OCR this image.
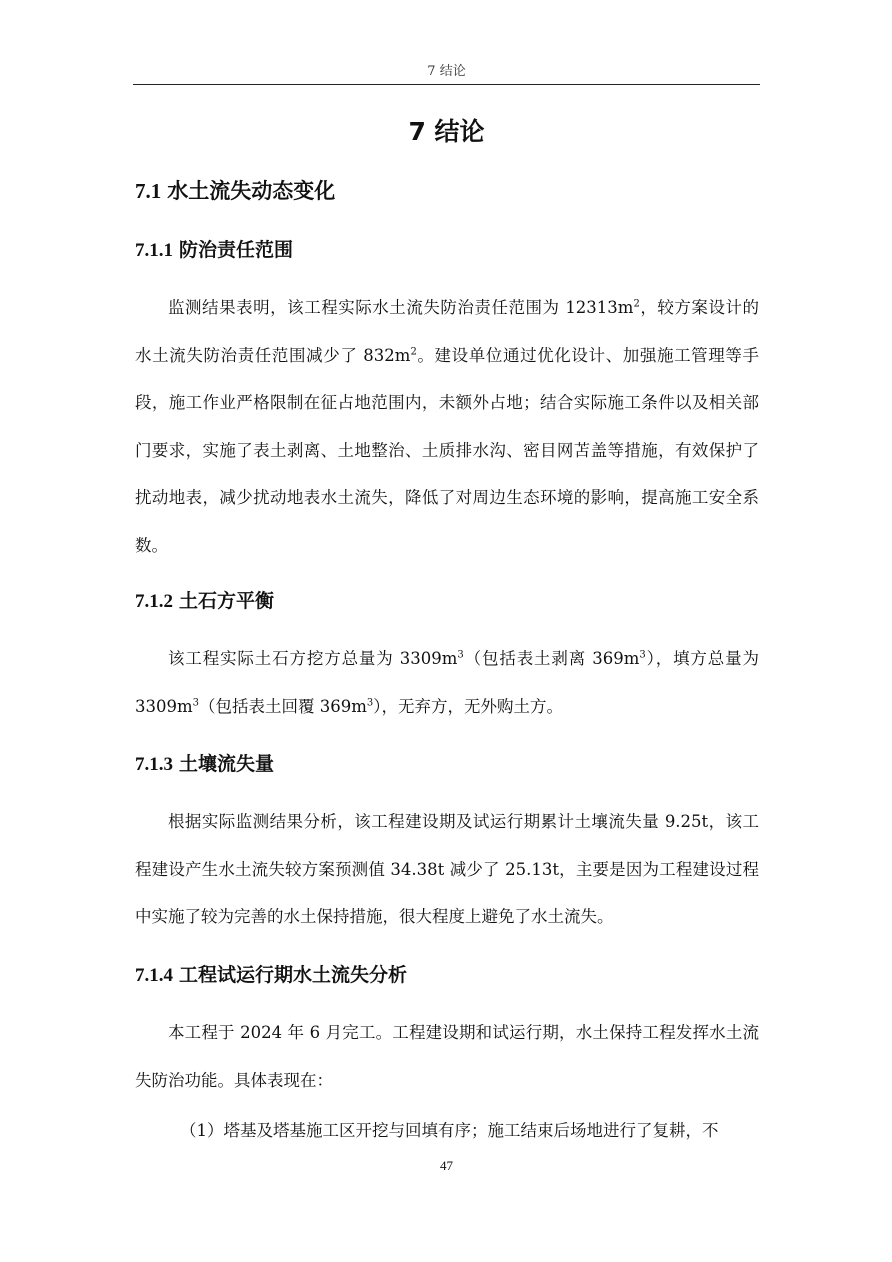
7 结论
7 结论
7.1 水土流失动态变化
7.1.1 防治责任范围

监测结果表明，该工程实际水土流失防治责任范围为 $12313m^2$，较方案设计的水土流失防治责任范围减少了 $832m^2$。建设单位通过优化设计、加强施工管理等手段，施工作业严格限制在征占地范围内，未额外占地；结合实际施工条件以及相关部门要求，实施了表土剥离、土地整治、土质排水沟、密目网苫盖等措施，有效保护了扰动地表，减少扰动地表水土流失，降低了对周边生态环境的影响，提高施工安全系数。

7.1.2 土石方平衡

该工程实际土石方挖方总量为 $3309m^3$（包括表土剥离 $369m^3$），填方总量为 $3309m^3$（包括表土回覆 $369m^3$），无弃方，无外购土方。

7.1.3 土壤流失量

根据实际监测结果分析，该工程建设期及试运行期累计土壤流失量 9.25t，该工程建设产生水土流失较方案预测值 34.38t 减少了 25.13t，主要是因为工程建设过程中实施了较为完善的水土保持措施，很大程度上避免了水土流失。

7.1.4 工程试运行期水土流失分析

本工程于 2024 年 6 月完工。工程建设期和试运行期，水土保持工程发挥水土流失防治功能。具体表现在：

（1）塔基及塔基施工区开挖与回填有序；施工结束后场地进行了复耕，不

47
